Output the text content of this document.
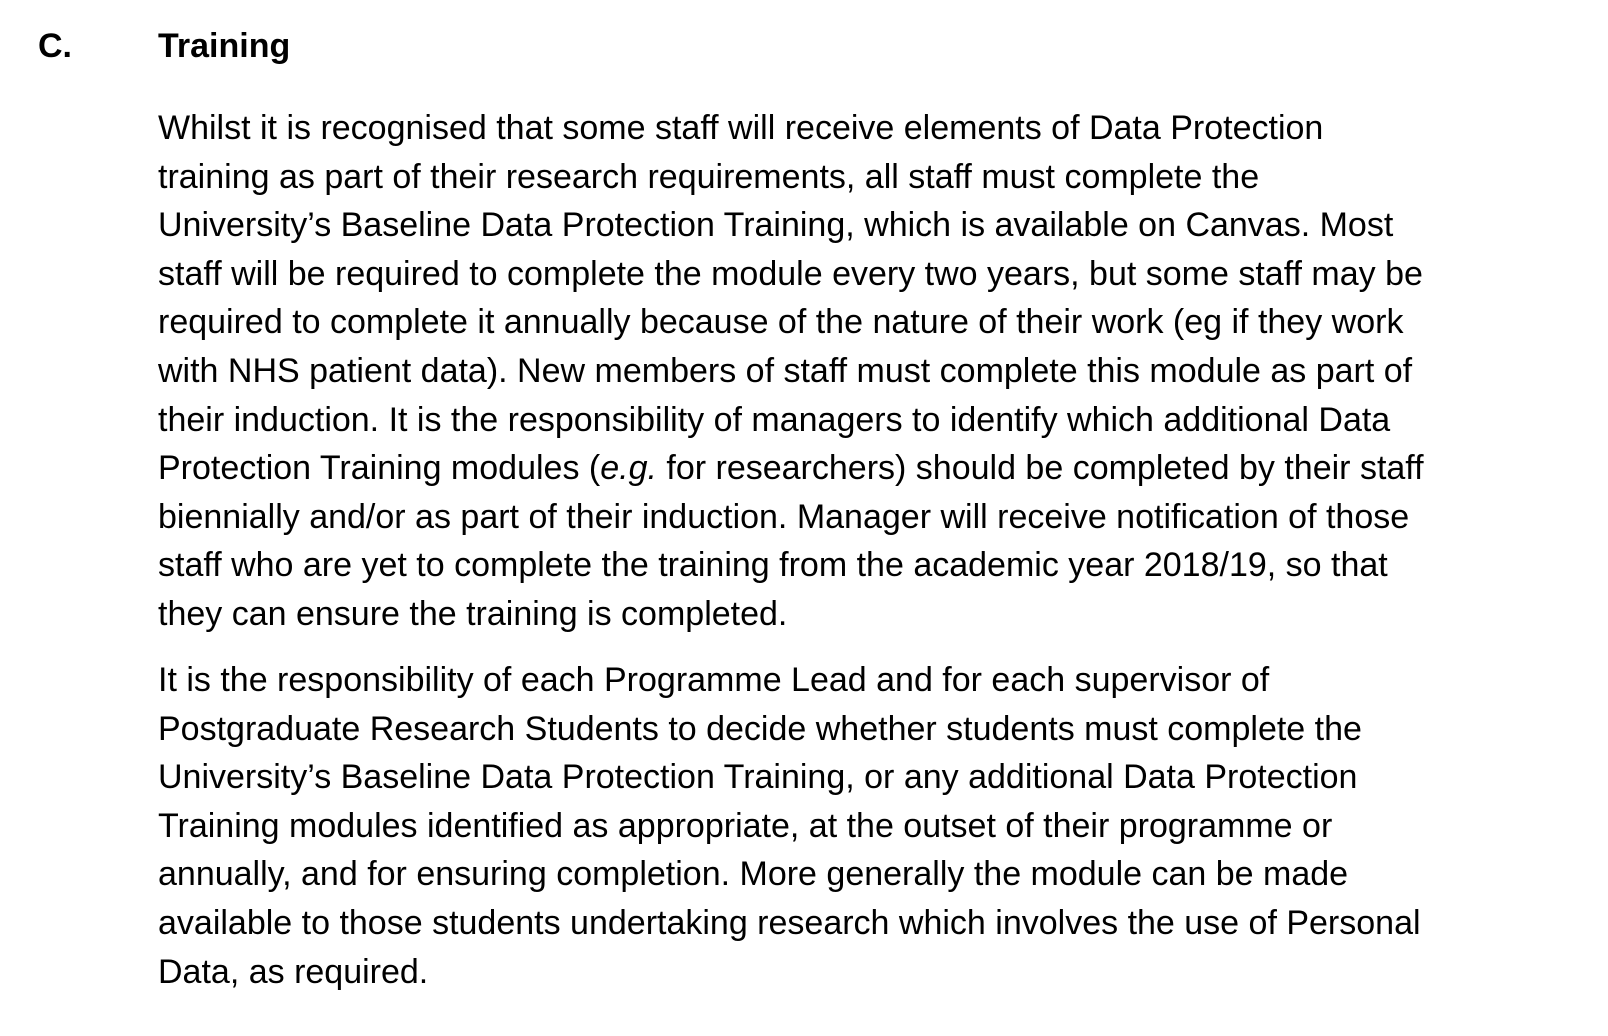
C.	Training

Whilst it is recognised that some staff will receive elements of Data Protection
training as part of their research requirements, all staff must complete the
University’s Baseline Data Protection Training, which is available on Canvas. Most
staff will be required to complete the module every two years, but some staff may be
required to complete it annually because of the nature of their work (eg if they work
with NHS patient data). New members of staff must complete this module as part of
their induction. It is the responsibility of managers to identify which additional Data
Protection Training modules (e.g. for researchers) should be completed by their staff
biennially and/or as part of their induction. Manager will receive notification of those
staff who are yet to complete the training from the academic year 2018/19, so that
they can ensure the training is completed.

It is the responsibility of each Programme Lead and for each supervisor of
Postgraduate Research Students to decide whether students must complete the
University’s Baseline Data Protection Training, or any additional Data Protection
Training modules identified as appropriate, at the outset of their programme or
annually, and for ensuring completion. More generally the module can be made
available to those students undertaking research which involves the use of Personal
Data, as required.
